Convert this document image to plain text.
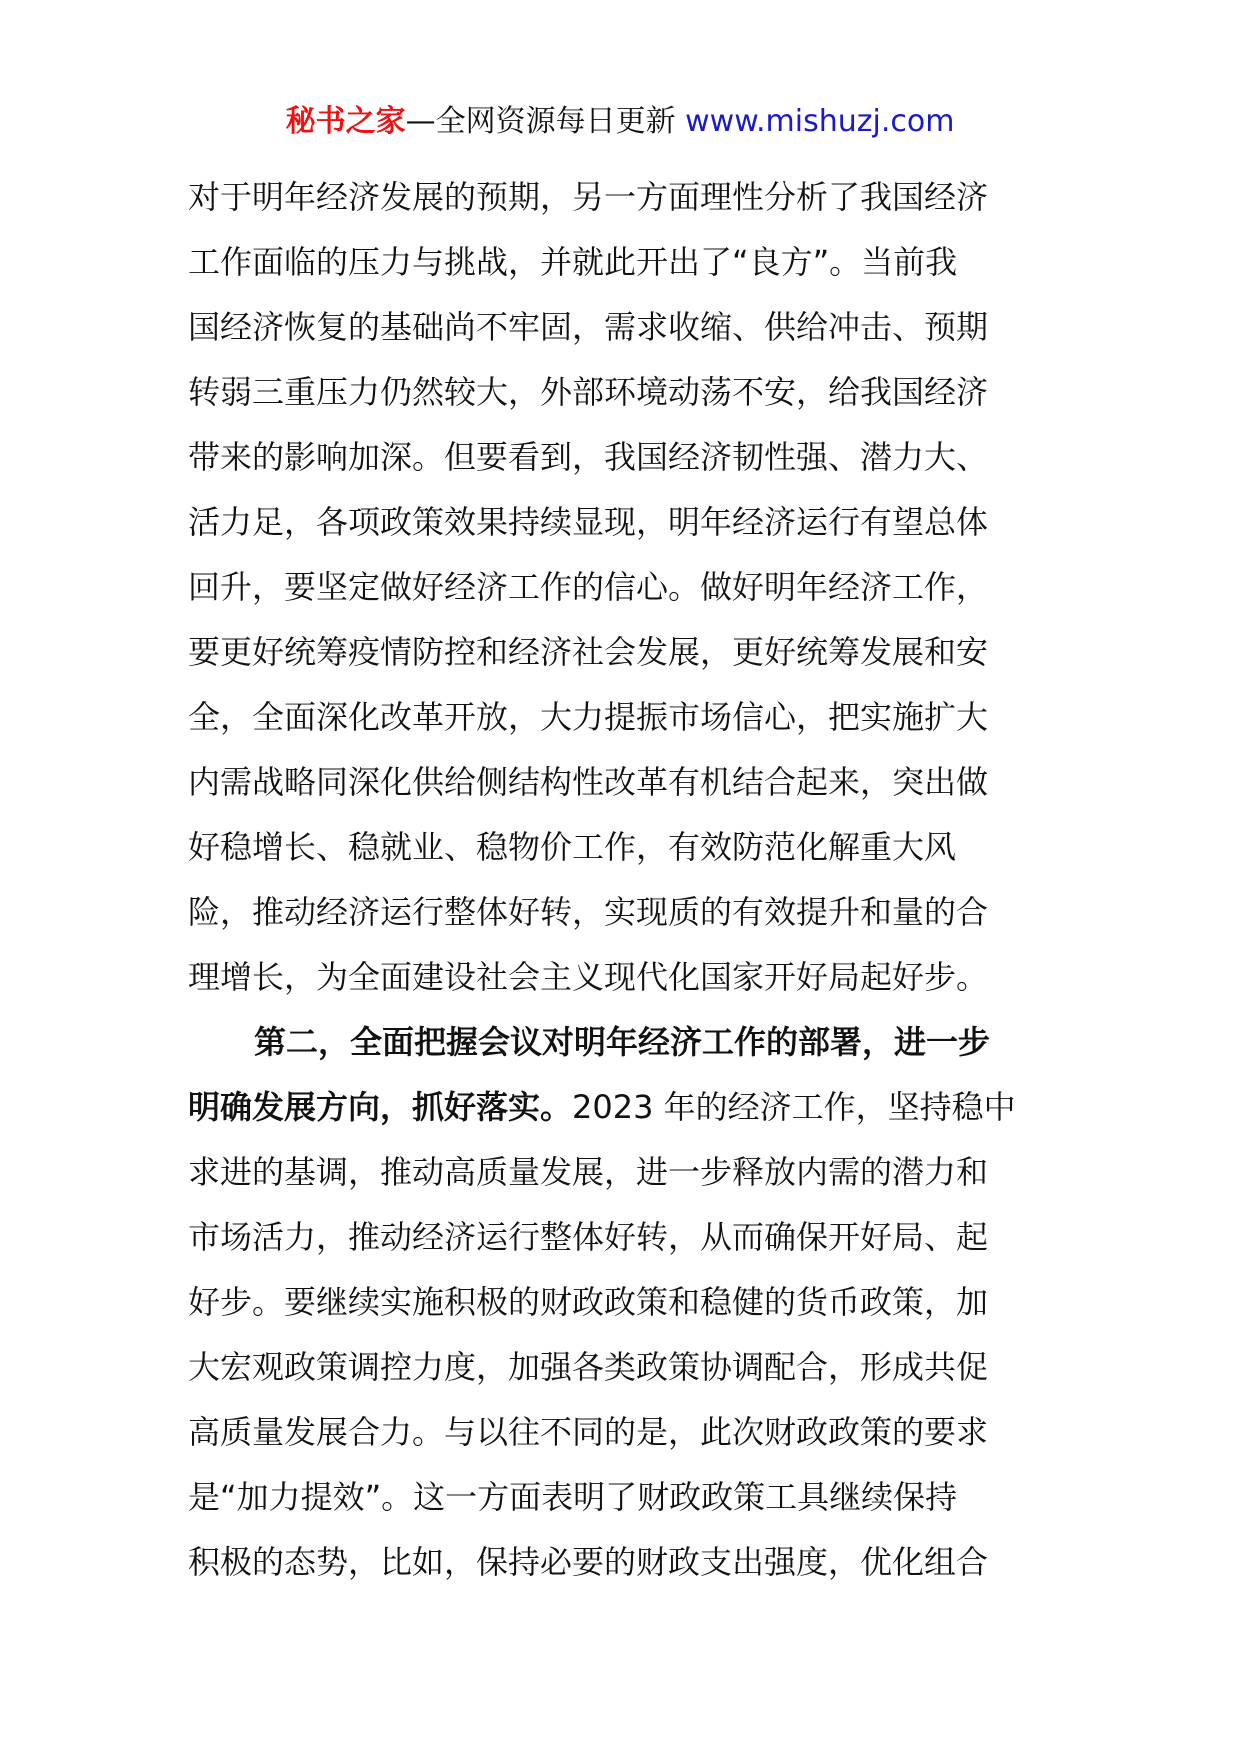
秘书之家—全网资源每日更新 www.mishuzj.com
对于明年经济发展的预期，另一方面理性分析了我国经济
工作面临的压力与挑战，并就此开出了“良方”。当前我
国经济恢复的基础尚不牢固，需求收缩、供给冲击、预期
转弱三重压力仍然较大，外部环境动荡不安，给我国经济
带来的影响加深。但要看到，我国经济韧性强、潜力大、
活力足，各项政策效果持续显现，明年经济运行有望总体
回升，要坚定做好经济工作的信心。做好明年经济工作，
要更好统筹疫情防控和经济社会发展，更好统筹发展和安
全，全面深化改革开放，大力提振市场信心，把实施扩大
内需战略同深化供给侧结构性改革有机结合起来，突出做
好稳增长、稳就业、稳物价工作，有效防范化解重大风
险，推动经济运行整体好转，实现质的有效提升和量的合
理增长，为全面建设社会主义现代化国家开好局起好步。
第二，全面把握会议对明年经济工作的部署，进一步
明确发展方向，抓好落实。2023 年的经济工作，坚持稳中
求进的基调，推动高质量发展，进一步释放内需的潜力和
市场活力，推动经济运行整体好转，从而确保开好局、起
好步。要继续实施积极的财政政策和稳健的货币政策，加
大宏观政策调控力度，加强各类政策协调配合，形成共促
高质量发展合力。与以往不同的是，此次财政政策的要求
是“加力提效”。这一方面表明了财政政策工具继续保持
积极的态势，比如，保持必要的财政支出强度，优化组合
